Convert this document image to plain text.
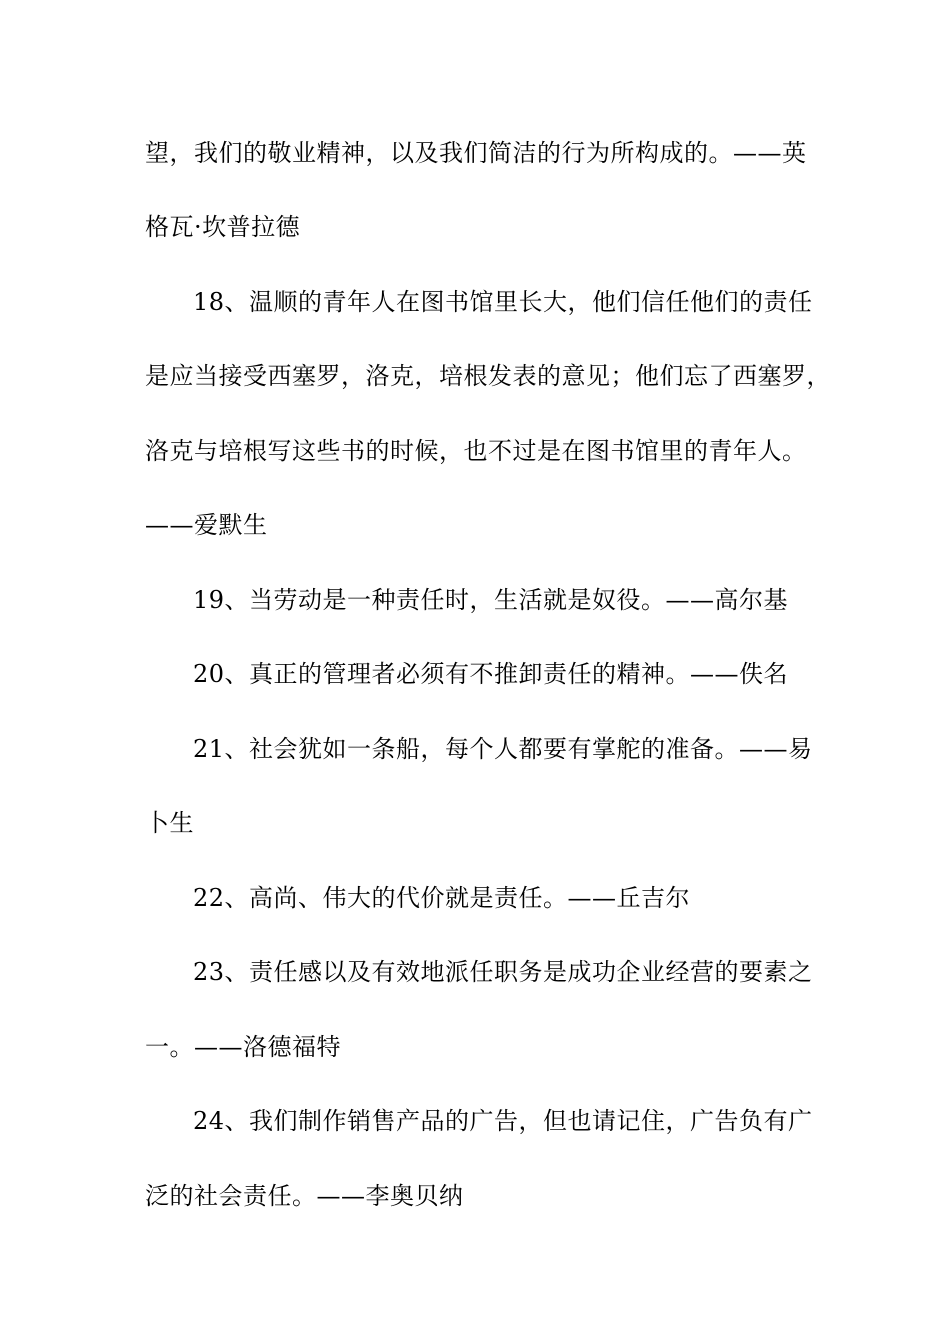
望，我们的敬业精神，以及我们简洁的行为所构成的。——英
格瓦·坎普拉德
18、温顺的青年人在图书馆里长大，他们信任他们的责任
是应当接受西塞罗，洛克，培根发表的意见；他们忘了西塞罗，
洛克与培根写这些书的时候，也不过是在图书馆里的青年人。
——爱默生
19、当劳动是一种责任时，生活就是奴役。——高尔基
20、真正的管理者必须有不推卸责任的精神。——佚名
21、社会犹如一条船，每个人都要有掌舵的准备。——易
卜生
22、高尚、伟大的代价就是责任。——丘吉尔
23、责任感以及有效地派任职务是成功企业经营的要素之
一。——洛德福特
24、我们制作销售产品的广告，但也请记住，广告负有广
泛的社会责任。——李奥贝纳
